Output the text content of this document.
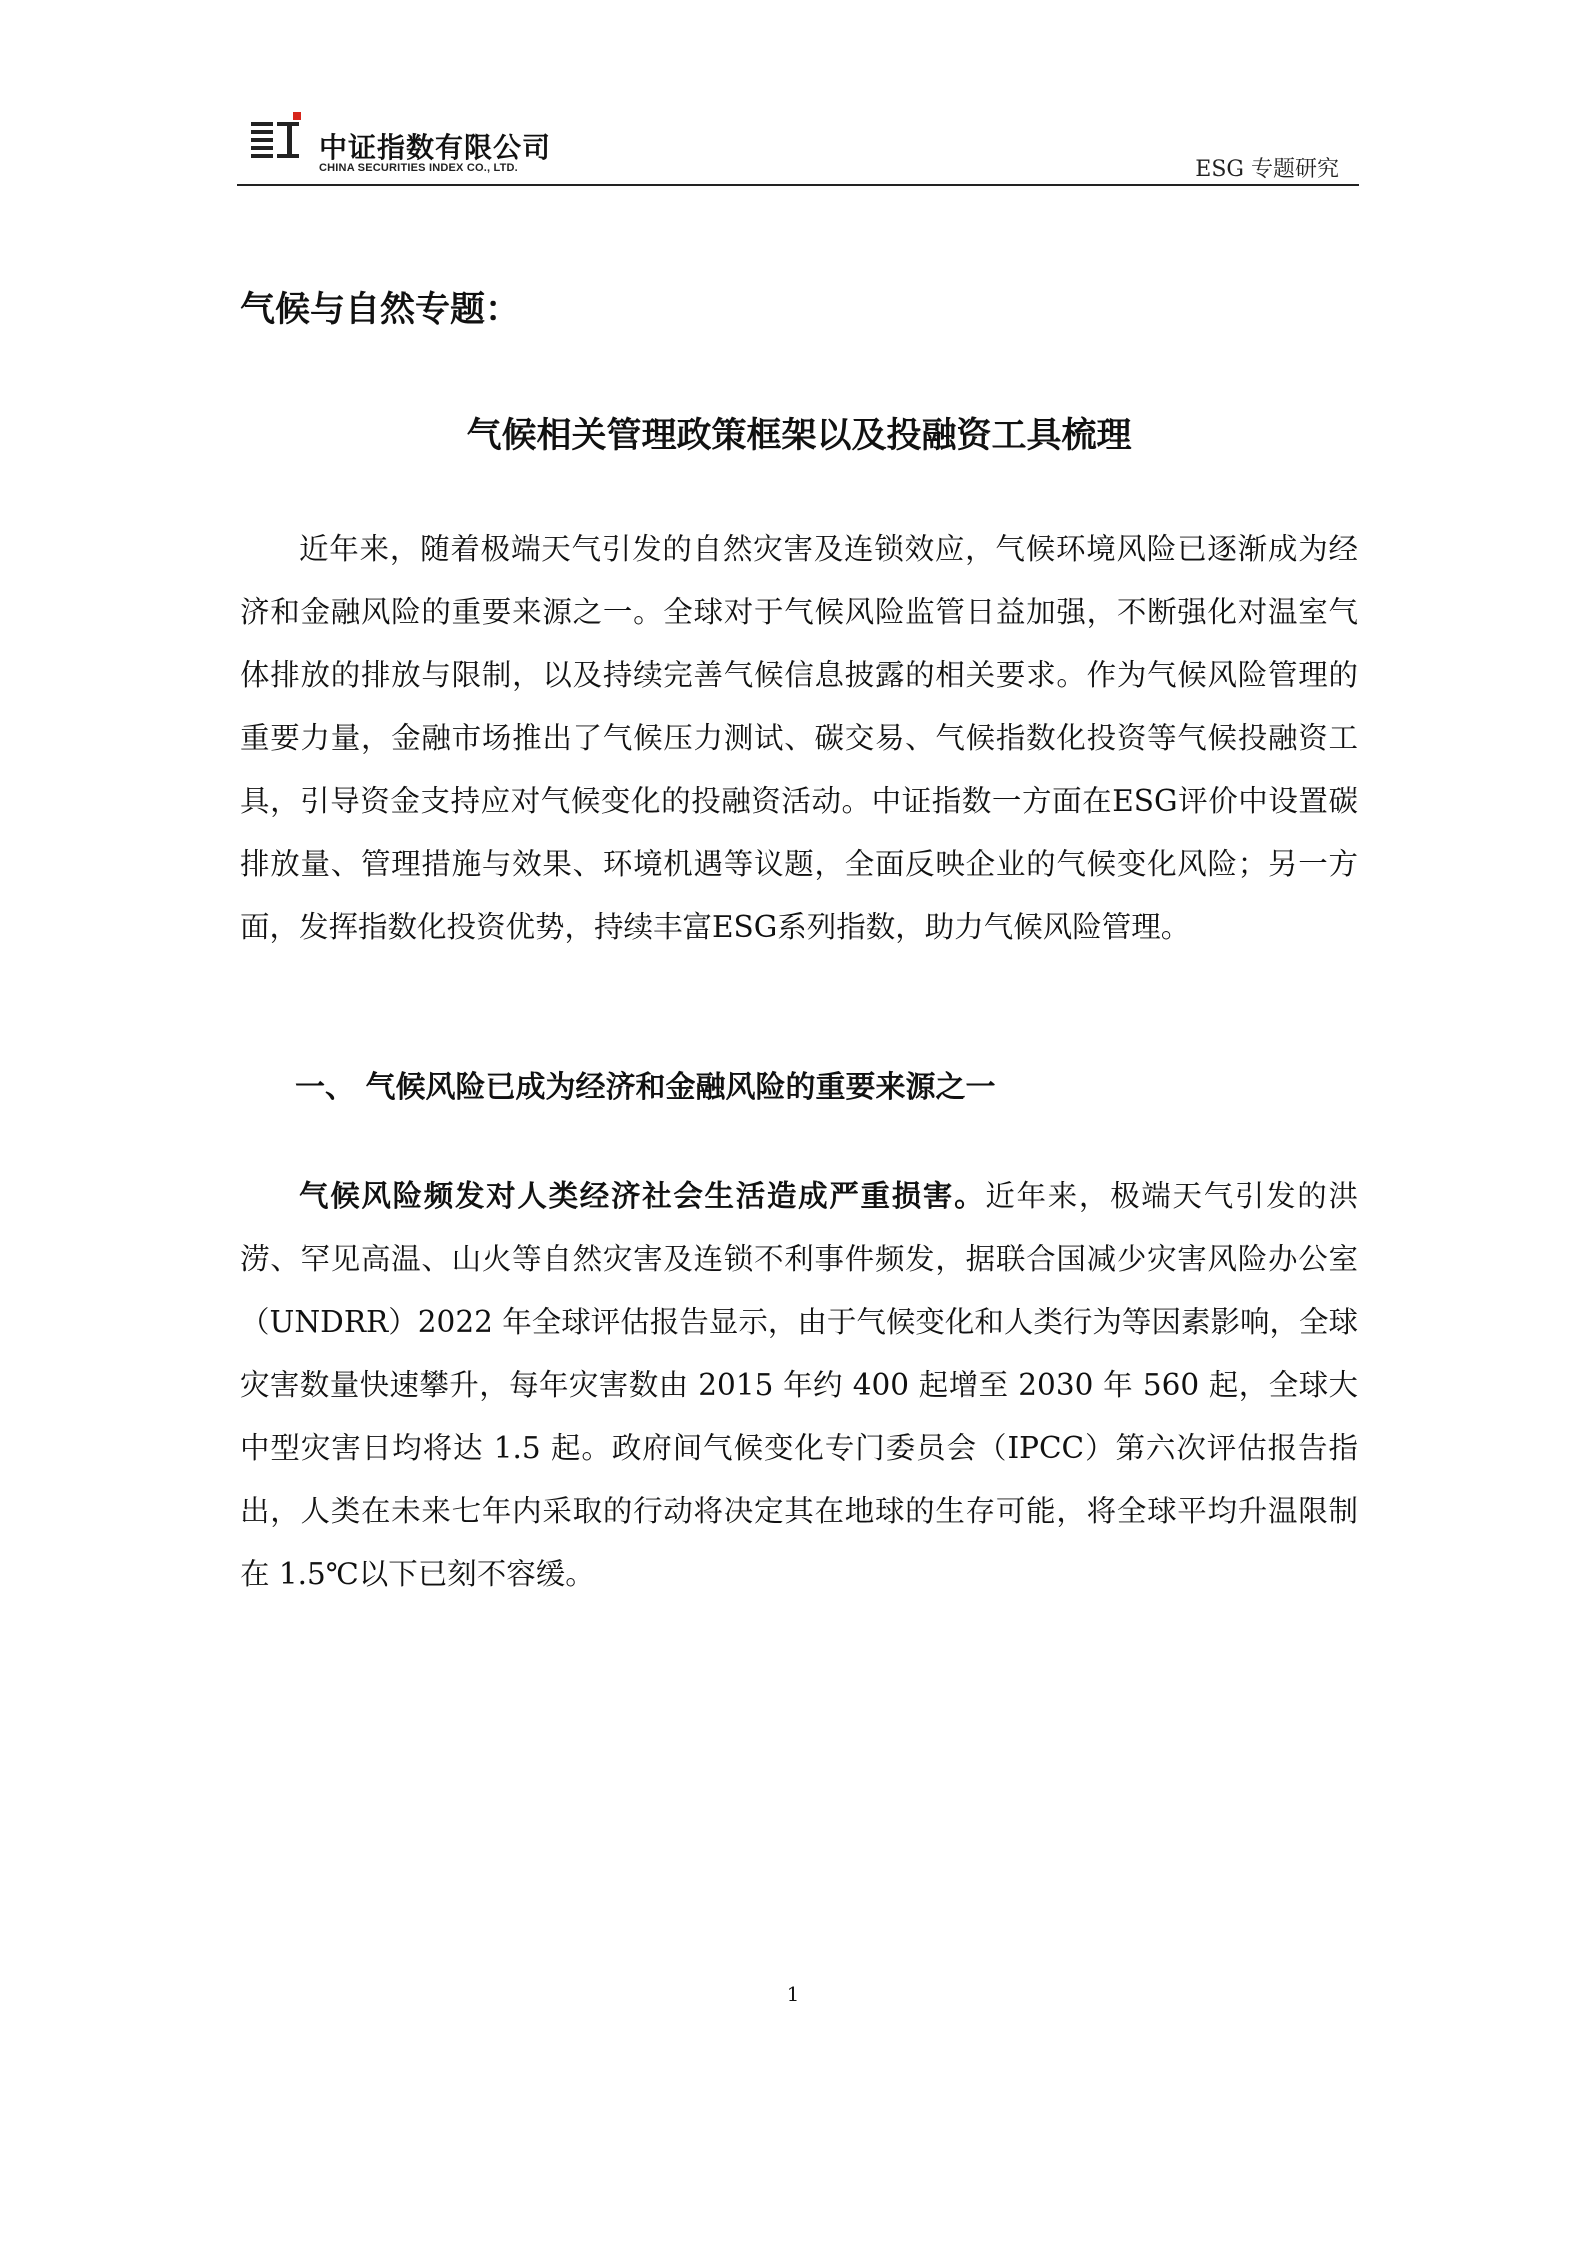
中证指数有限公司
CHINA SECURITIES INDEX CO., LTD.	ESG 专题研究
气候与自然专题：
气候相关管理政策框架以及投融资工具梳理

近年来，随着极端天气引发的自然灾害及连锁效应，气候环境风险已逐渐成为经济和金融风险的重要来源之一。全球对于气候风险监管日益加强，不断强化对温室气体排放的排放与限制，以及持续完善气候信息披露的相关要求。作为气候风险管理的重要力量，金融市场推出了气候压力测试、碳交易、气候指数化投资等气候投融资工具，引导资金支持应对气候变化的投融资活动。中证指数一方面在ESG评价中设置碳排放量、管理措施与效果、环境机遇等议题，全面反映企业的气候变化风险；另一方面，发挥指数化投资优势，持续丰富ESG系列指数，助力气候风险管理。

一、 气候风险已成为经济和金融风险的重要来源之一

气候风险频发对人类经济社会生活造成严重损害。近年来，极端天气引发的洪涝、罕见高温、山火等自然灾害及连锁不利事件频发，据联合国减少灾害风险办公室（UNDRR）2022 年全球评估报告显示，由于气候变化和人类行为等因素影响，全球灾害数量快速攀升，每年灾害数由 2015 年约 400 起增至 2030 年 560 起，全球大中型灾害日均将达 1.5 起。政府间气候变化专门委员会（IPCC）第六次评估报告指出，人类在未来七年内采取的行动将决定其在地球的生存可能，将全球平均升温限制在 1.5℃以下已刻不容缓。

1
